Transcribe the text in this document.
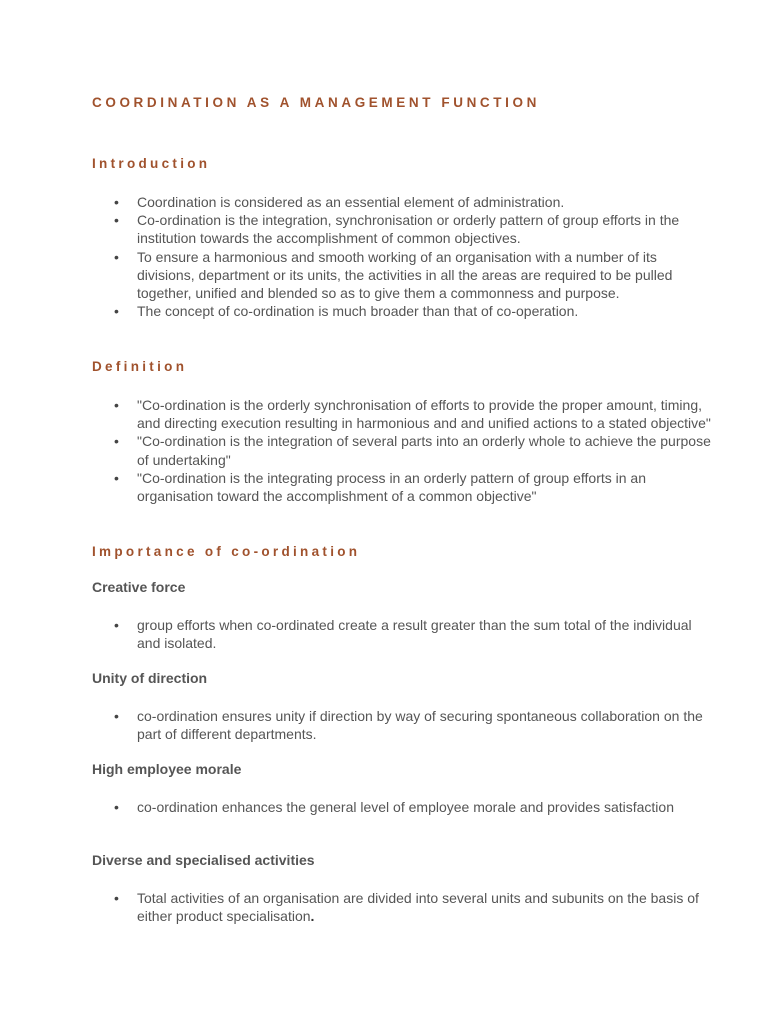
COORDINATION AS A MANAGEMENT FUNCTION
Introduction
• Coordination is considered as an essential element of administration.
• Co-ordination is the integration, synchronisation or orderly pattern of group efforts in the institution towards the accomplishment of common objectives.
• To ensure a harmonious and smooth working of an organisation with a number of its divisions, department or its units, the activities in all the areas are required to be pulled together, unified and blended so as to give them a commonness and purpose.
• The concept of co-ordination is much broader than that of co-operation.
Definition
• "Co-ordination is the orderly synchronisation of efforts to provide the proper amount, timing, and directing execution resulting in harmonious and and unified actions to a stated objective"
• "Co-ordination is the integration of several parts into an orderly whole to achieve the purpose of undertaking"
• "Co-ordination is the integrating process in an orderly pattern of group efforts in an organisation toward the accomplishment of a common objective"
Importance of co-ordination
Creative force
• group efforts when co-ordinated create a result greater than the sum total of the individual and isolated.
Unity of direction
• co-ordination ensures unity if direction by way of securing spontaneous collaboration on the part of different departments.
High employee morale
• co-ordination enhances the general level of employee morale and provides satisfaction
Diverse and specialised activities
• Total activities of an organisation are divided into several units and subunits on the basis of either product specialisation.
